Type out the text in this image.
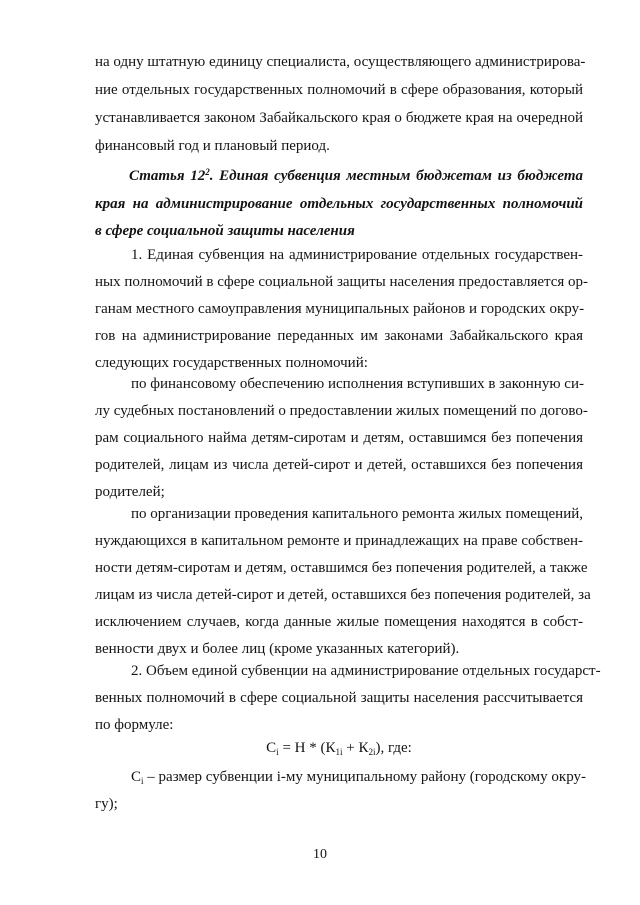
на одну штатную единицу специалиста, осуществляющего администрирова-
ние отдельных государственных полномочий в сфере образования, который
устанавливается законом Забайкальского края о бюджете края на очередной
финансовый год и плановый период.
Статья $12^2$. Единая субвенция местным бюджетам из бюджета
края на администрирование отдельных государственных полномочий
в сфере социальной защиты населения
1. Единая субвенция на администрирование отдельных государствен-
ных полномочий в сфере социальной защиты населения предоставляется ор-
ганам местного самоуправления муниципальных районов и городских окру-
гов на администрирование переданных им законами Забайкальского края
следующих государственных полномочий:
по финансовому обеспечению исполнения вступивших в законную си-
лу судебных постановлений о предоставлении жилых помещений по догово-
рам социального найма детям-сиротам и детям, оставшимся без попечения
родителей, лицам из числа детей-сирот и детей, оставшихся без попечения
родителей;
по организации проведения капитального ремонта жилых помещений,
нуждающихся в капитальном ремонте и принадлежащих на праве собствен-
ности детям-сиротам и детям, оставшимся без попечения родителей, а также
лицам из числа детей-сирот и детей, оставшихся без попечения родителей, за
исключением случаев, когда данные жилые помещения находятся в собст-
венности двух и более лиц (кроме указанных категорий).
2. Объем единой субвенции на администрирование отдельных государст-
венных полномочий в сфере социальной защиты населения рассчитывается
по формуле:
$C_i = Н * (К_{1i} + К_{2i})$, где:
$C_i$ – размер субвенции i-му муниципальному району (городскому окру-
гу);
10
